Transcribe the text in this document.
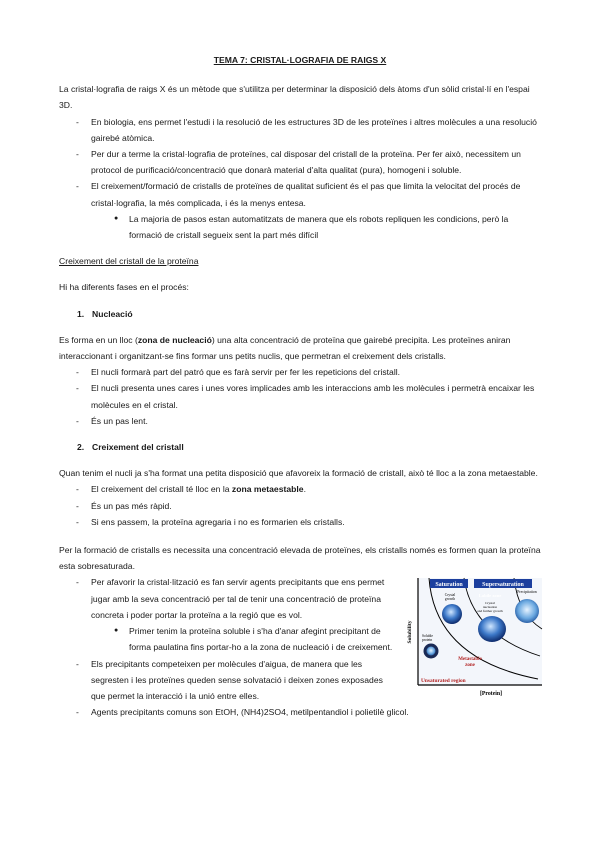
TEMA 7: CRISTAL·LOGRAFIA DE RAIGS X

La cristal·lografia de raigs X és un mètode que s'utilitza per determinar la disposició dels àtoms d'un sòlid cristal·lí en l'espai 3D.

- En biologia, ens permet l'estudi i la resolució de les estructures 3D de les proteïnes i altres molècules a una resolució gairebé atòmica.
- Per dur a terme la cristal·lografia de proteïnes, cal disposar del cristall de la proteïna. Per fer això, necessitem un protocol de purificació/concentració que donarà material d'alta qualitat (pura), homogeni i soluble.
- El creixement/formació de cristalls de proteïnes de qualitat suficient és el pas que limita la velocitat del procés de cristal·lografia, la més complicada, i és la menys entesa.
● La majoria de pasos estan automatitzats de manera que els robots repliquen les condicions, però la formació de cristall segueix sent la part més difícil

Creixement del cristall de la proteïna

Hi ha diferents fases en el procés:

1. Nucleació

Es forma en un lloc (zona de nucleació) una alta concentració de proteïna que gairebé precipita. Les proteïnes aniran interaccionant i organitzant-se fins formar uns petits nuclis, que permetran el creixement dels cristalls.

- El nucli formarà part del patró que es farà servir per fer les repeticions del cristall.
- El nucli presenta unes cares i unes vores implicades amb les interaccions amb les molècules i permetrà encaixar les molècules en el cristal.
- És un pas lent.

2. Creixement del cristall

Quan tenim el nucli ja s'ha format una petita disposició que afavoreix la formació de cristall, això té lloc a la zona metaestable.

- El creixement del cristall té lloc en la zona metaestable.
- És un pas més ràpid.
- Si ens passem, la proteïna agregaria i no es formarien els cristalls.

Per la formació de cristalls es necessita una concentració elevada de proteïnes, els cristalls només es formen quan la proteïna esta sobresaturada.

- Per afavorir la cristal·lització es fan servir agents precipitants que ens permet jugar amb la seva concentració per tal de tenir una concentració de proteïna concreta i poder portar la proteïna a la regió que es vol.
● Primer tenim la proteïna soluble i s'ha d'anar afegint precipitant de forma paulatina fins portar-ho a la zona de nucleació i de creixement.
- Els precipitants competeixen per molècules d'aigua, de manera que les segresten i les proteïnes queden sense solvatació i deixen zones exposades que permet la interacció i la unió entre elles.
Saturation	Supersaturation
Crystal
growth
Labile zone
Crystal
nucleation
and further growth
Precipitation
Soluble
protein
Metastable
zone
Unsaturated region
Solubility
[Protein]
- Agents precipitants comuns son EtOH, (NH4)2SO4, metilpentandiol i polietilè glicol.
